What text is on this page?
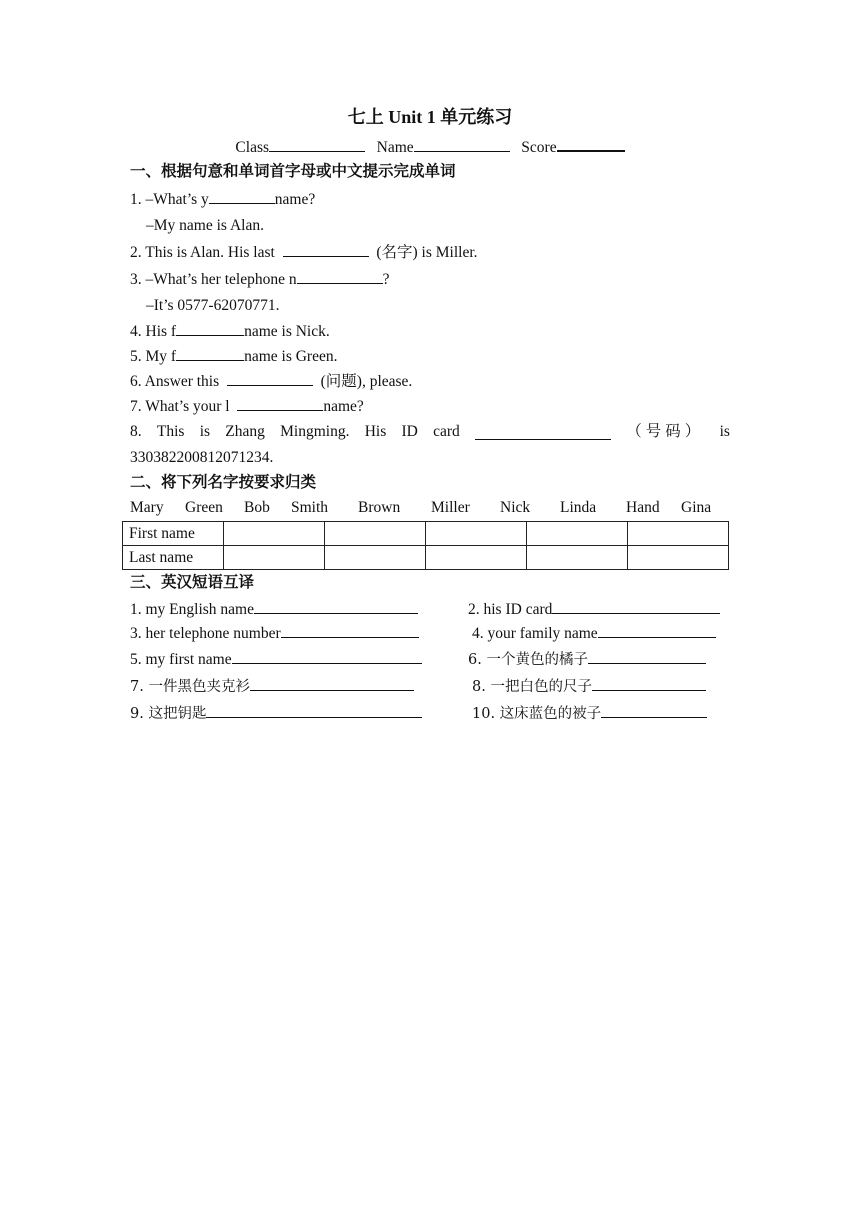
七上 Unit 1 单元练习
Class	Name	Score
一、根据句意和单词首字母或中文提示完成单词
1. –What’s y	name?
–My name is Alan.
2. This is Alan. His last	(名字) is Miller.
3. –What’s her telephone n	?
–It’s 0577-62070771.
4. His f	name is Nick.
5. My f	name is Green.
6. Answer this	(问题), please.
7. What’s your l	name?
8. This is Zhang Mingming. His ID card	（号码） is
330382200812071234.
二、将下列名字按要求归类
Mary Green Bob Smith Brown Miller Nick Linda Hand Gina
First name					
Last name					
三、英汉短语互译
1. my English name	2. his ID card
3. her telephone number	4. your family name
5. my first name	6. 一个黄色的橘子
7. 一件黑色夹克衫	8. 一把白色的尺子
9. 这把钥匙	10. 这床蓝色的被子
